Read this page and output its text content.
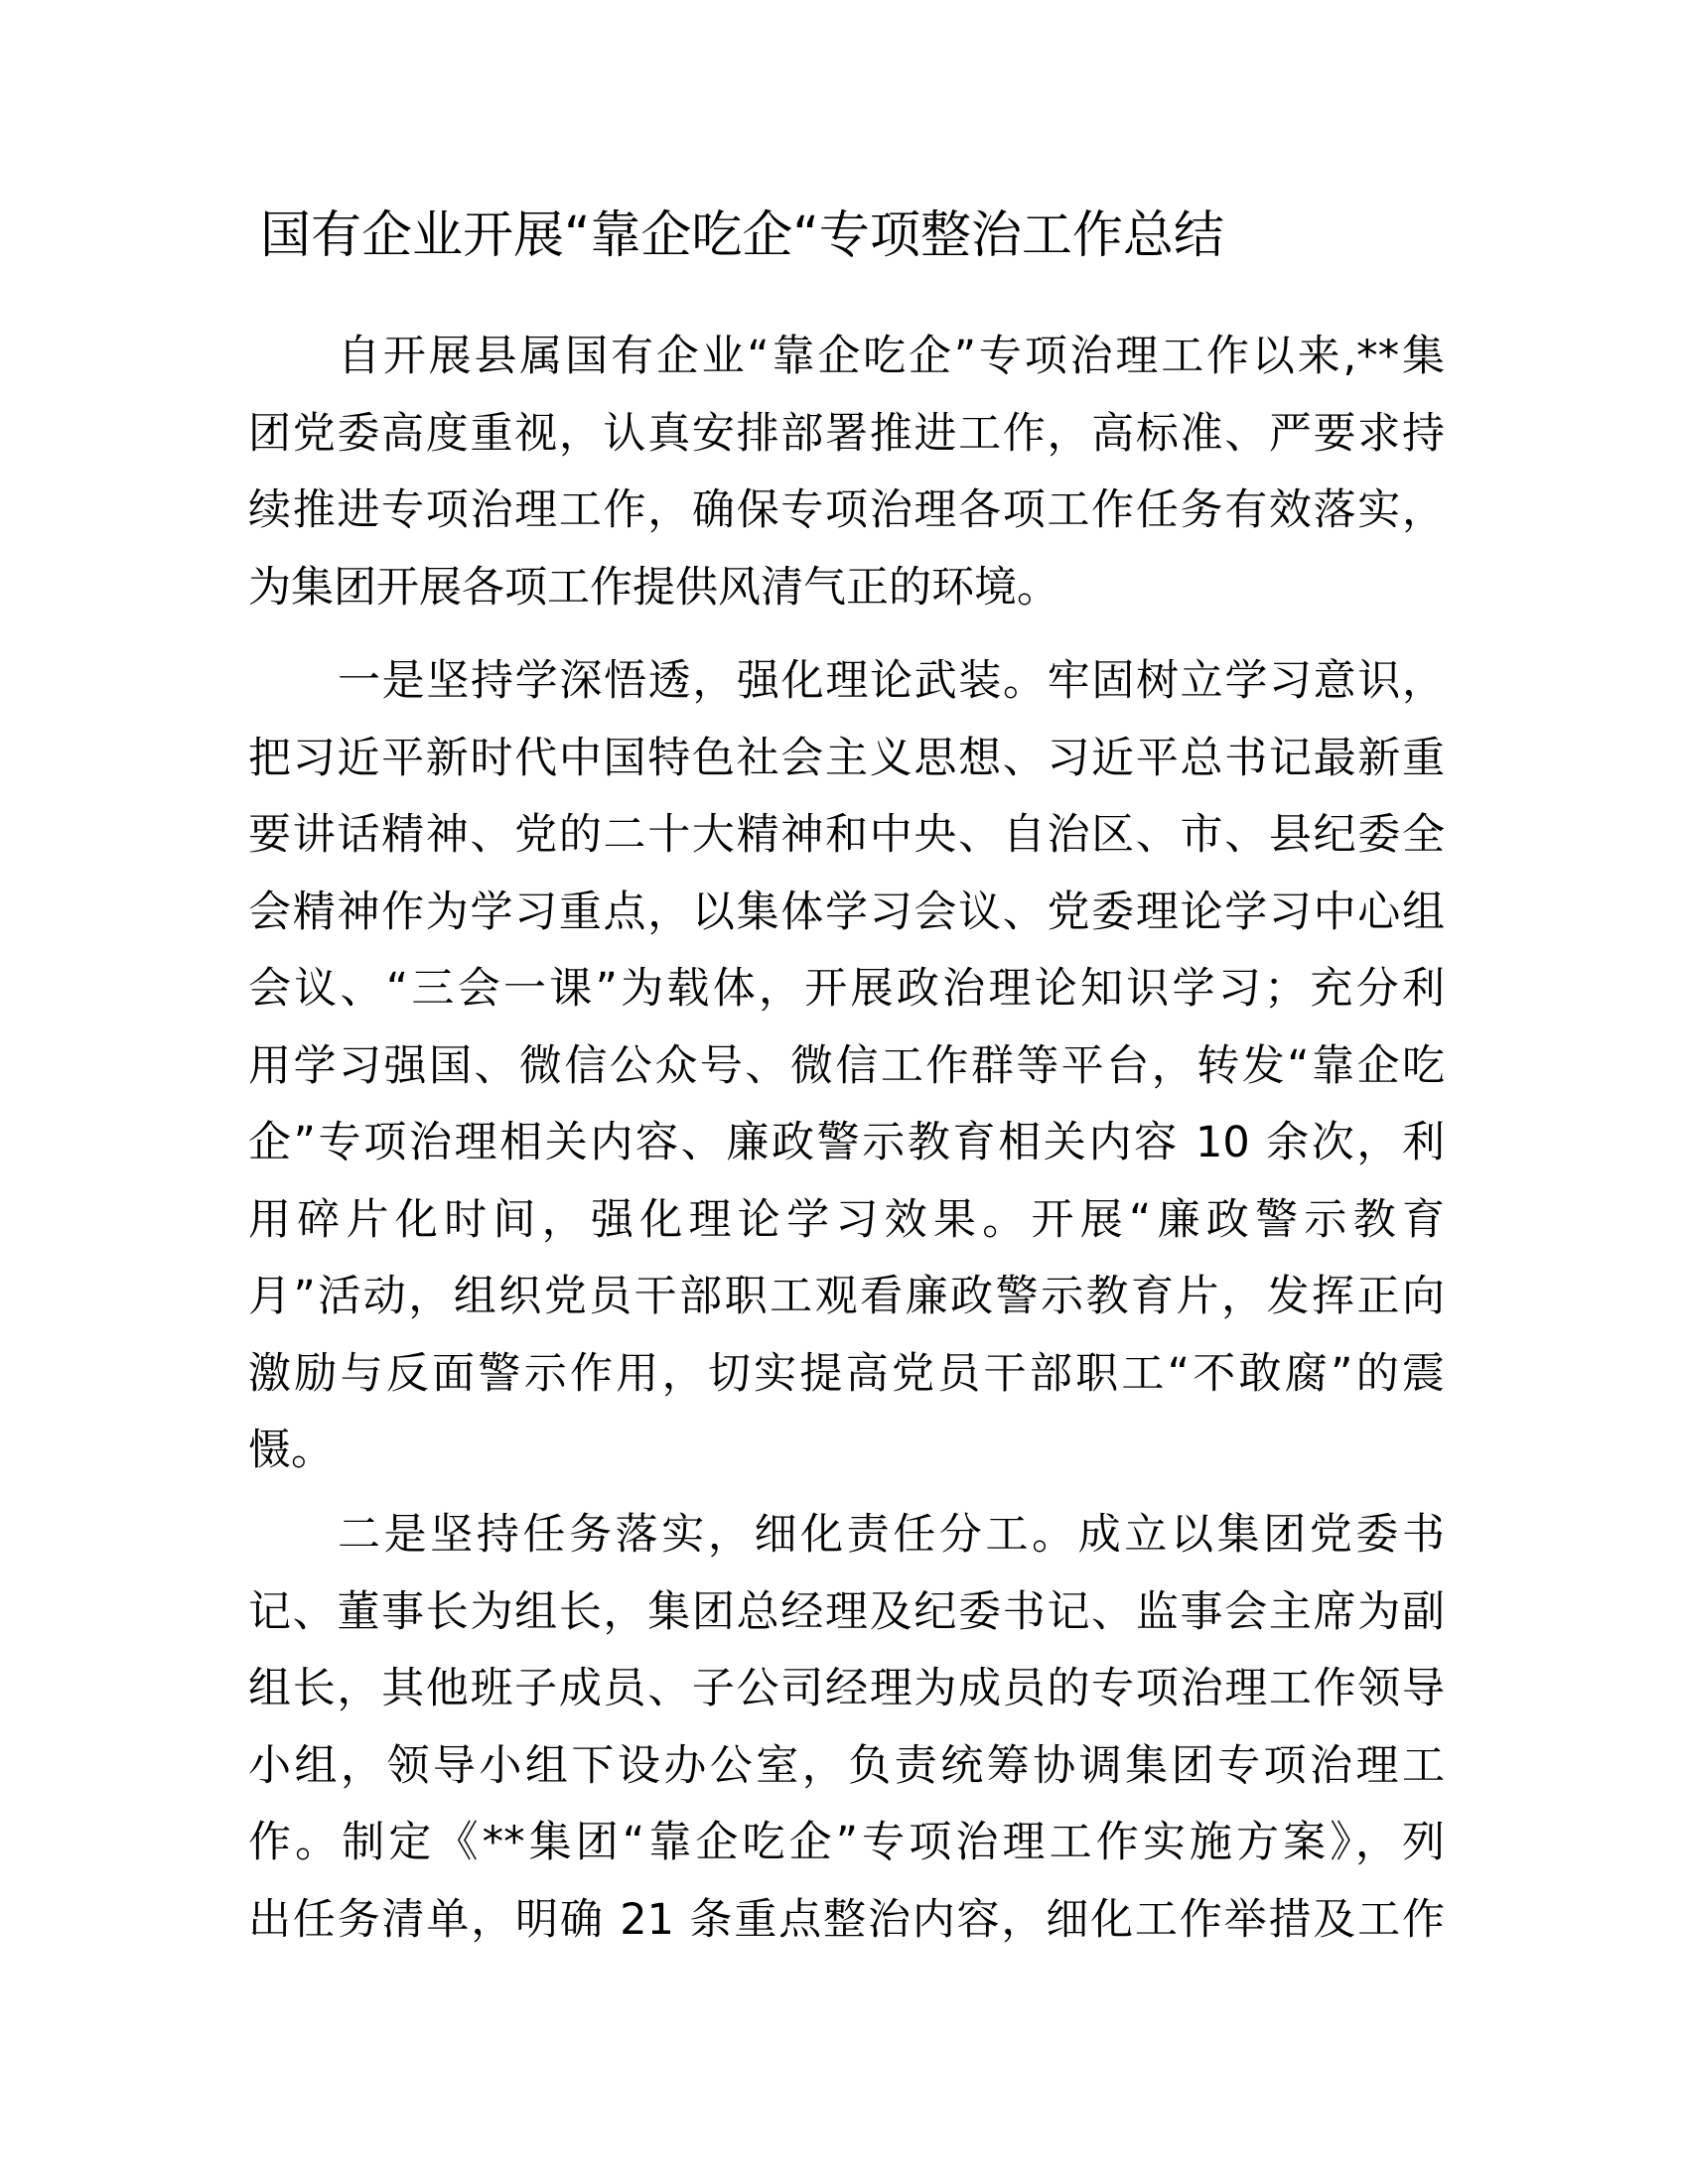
国有企业开展“靠企吃企“专项整治工作总结
自开展县属国有企业“靠企吃企”专项治理工作以来,**集
团党委高度重视，认真安排部署推进工作，高标准、严要求持
续推进专项治理工作，确保专项治理各项工作任务有效落实，
为集团开展各项工作提供风清气正的环境。
一是坚持学深悟透，强化理论武装。牢固树立学习意识，
把习近平新时代中国特色社会主义思想、习近平总书记最新重
要讲话精神、党的二十大精神和中央、自治区、市、县纪委全
会精神作为学习重点，以集体学习会议、党委理论学习中心组
会议、“三会一课”为载体，开展政治理论知识学习；充分利
用学习强国、微信公众号、微信工作群等平台，转发“靠企吃
企”专项治理相关内容、廉政警示教育相关内容 10 余次，利
用碎片化时间，强化理论学习效果。开展“廉政警示教育
月”活动，组织党员干部职工观看廉政警示教育片，发挥正向
激励与反面警示作用，切实提高党员干部职工“不敢腐”的震
慑。
二是坚持任务落实，细化责任分工。成立以集团党委书
记、董事长为组长，集团总经理及纪委书记、监事会主席为副
组长，其他班子成员、子公司经理为成员的专项治理工作领导
小组，领导小组下设办公室，负责统筹协调集团专项治理工
作。制定《**集团“靠企吃企”专项治理工作实施方案》，列
出任务清单，明确 21 条重点整治内容，细化工作举措及工作
